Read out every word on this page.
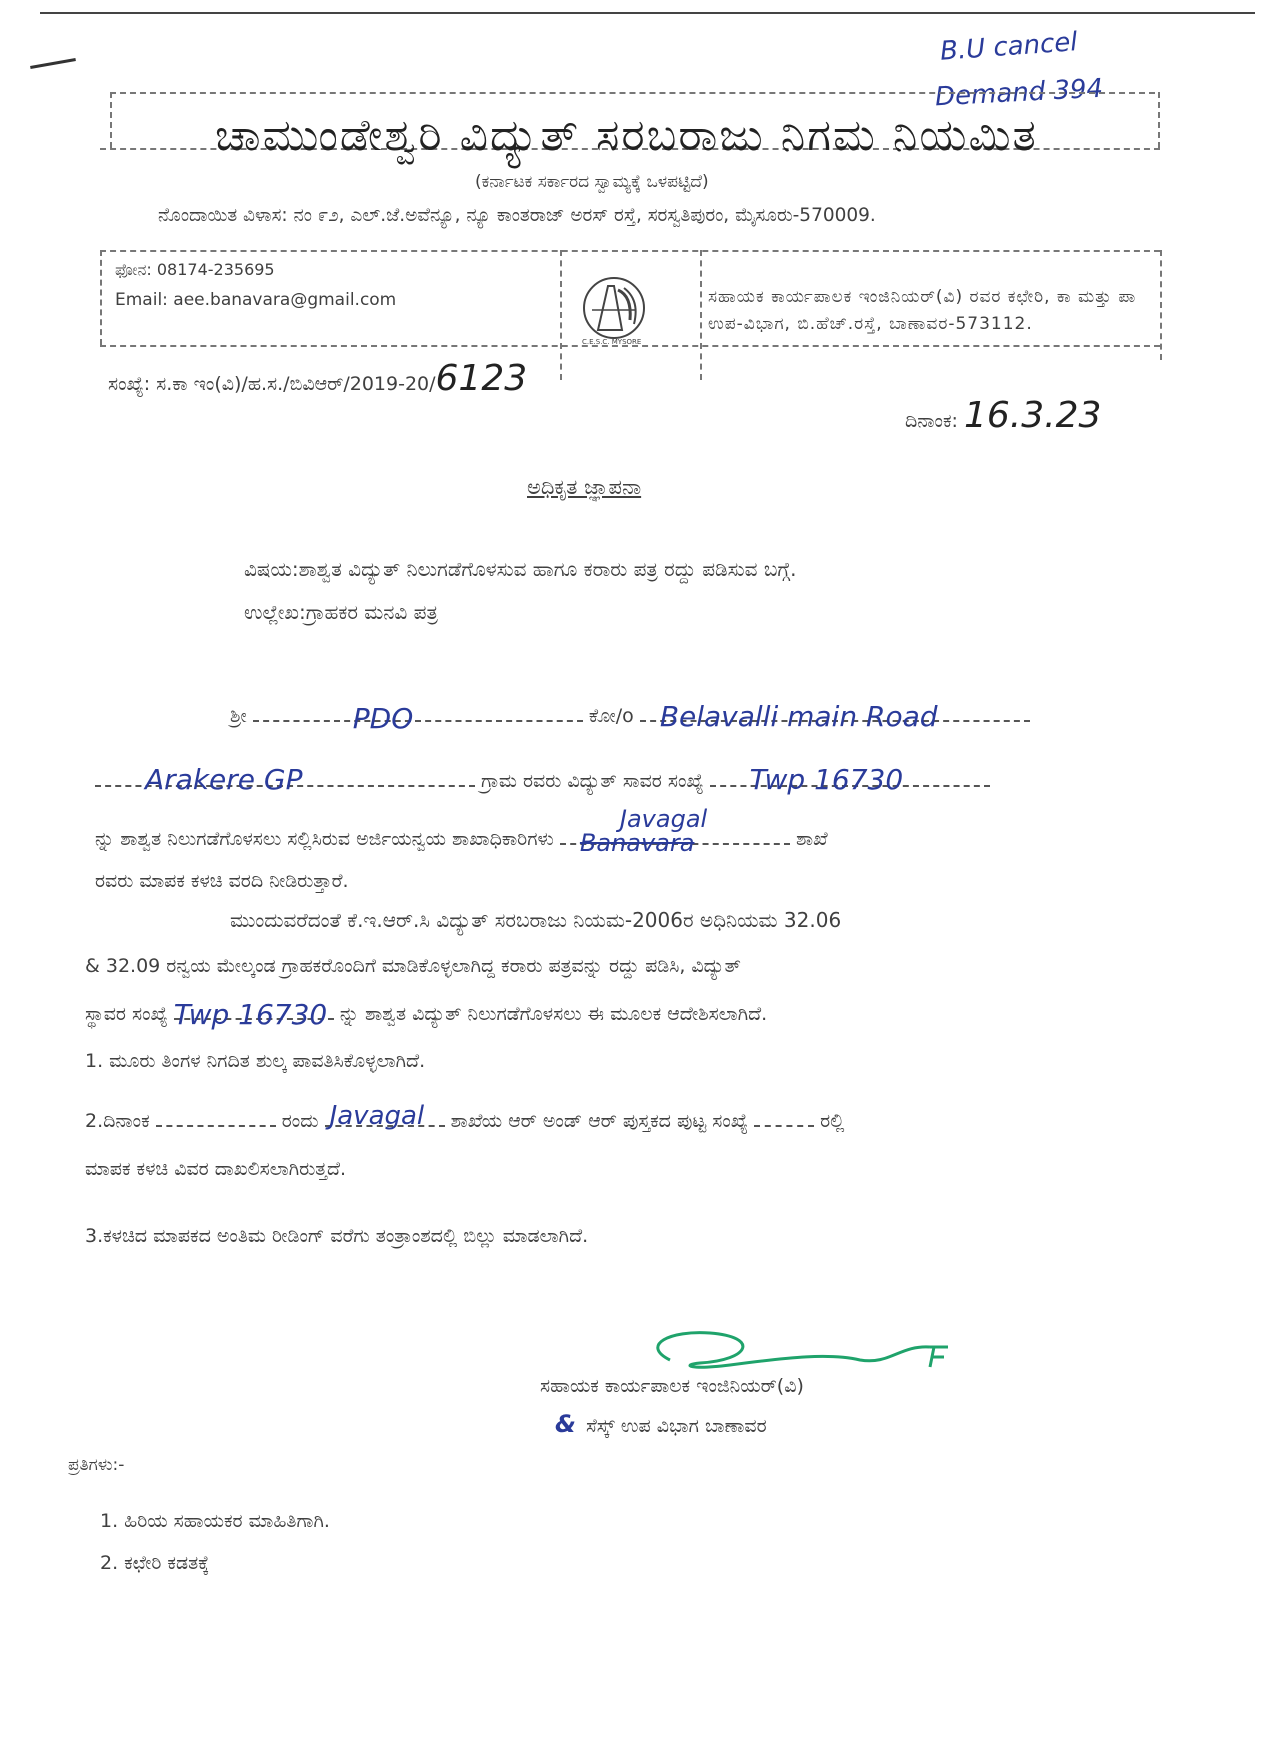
B.U cancel
Demand 394
ಚಾಮುಂಡೇಶ್ವರಿ ವಿದ್ಯುತ್ ಸರಬರಾಜು ನಿಗಮ ನಿಯಮಿತ
(ಕರ್ನಾಟಕ ಸರ್ಕಾರದ ಸ್ವಾಮ್ಯಕ್ಕೆ ಒಳಪಟ್ಟಿದೆ)
ನೊಂದಾಯಿತ ವಿಳಾಸ: ನಂ ೯೨, ಎಲ್.ಜೆ.ಅವೆನ್ಯೂ, ನ್ಯೂ ಕಾಂತರಾಜ್ ಅರಸ್ ರಸ್ತೆ, ಸರಸ್ವತಿಪುರಂ, ಮೈಸೂರು-570009.
ಫೋನ: 08174-235695
Email: aee.banavara@gmail.com
C.E.S.C. MYSORE
ಸಹಾಯಕ ಕಾರ್ಯಪಾಲಕ ಇಂಜಿನಿಯರ್(ವಿ) ರವರ ಕಛೇರಿ, ಕಾ ಮತ್ತು ಪಾ ಉಪ-ವಿಭಾಗ, ಬಿ.ಹೆಚ್.ರಸ್ತೆ, ಬಾಣಾವರ-573112.
ಸಂಖ್ಯೆ: ಸ.ಕಾ ಇಂ(ವಿ)/ಹ.ಸ./ಬಿವಿಆರ್/2019-20/6123
ದಿನಾಂಕ: 16.3.23
ಅಧಿಕೃತ ಜ್ಞಾಪನಾ
ವಿಷಯ:ಶಾಶ್ವತ ವಿದ್ಯುತ್ ನಿಲುಗಡೆಗೊಳಸುವ ಹಾಗೂ ಕರಾರು ಪತ್ರ ರದ್ದು ಪಡಿಸುವ ಬಗ್ಗೆ.
ಉಲ್ಲೇಖ:ಗ್ರಾಹಕರ ಮನವಿ ಪತ್ರ
ಶ್ರೀ	PDO	ಕೋ/o Belavalli main Road
Arakere GP	ಗ್ರಾಮ ರವರು ವಿದ್ಯುತ್ ಸಾವರ ಸಂಖ್ಯೆ Twp 16730
ನ್ನು ಶಾಶ್ವತ ನಿಲುಗಡೆಗೊಳಸಲು ಸಲ್ಲಿಸಿರುವ ಅರ್ಜಿಯನ್ವಯ ಶಾಖಾಧಿಕಾರಿಗಳು Banavara
Javagal
ಶಾಖೆ
ರವರು ಮಾಪಕ ಕಳಚಿ ವರದಿ ನೀಡಿರುತ್ತಾರೆ.
ಮುಂದುವರೆದಂತೆ ಕೆ.ಇ.ಆರ್.ಸಿ ವಿದ್ಯುತ್ ಸರಬರಾಜು ನಿಯಮ-2006ರ ಅಧಿನಿಯಮ 32.06
& 32.09 ರನ್ವಯ ಮೇಲ್ಕಂಡ ಗ್ರಾಹಕರೊಂದಿಗೆ ಮಾಡಿಕೊಳ್ಳಲಾಗಿದ್ದ ಕರಾರು ಪತ್ರವನ್ನು ರದ್ದು ಪಡಿಸಿ, ವಿದ್ಯುತ್
ಸ್ಥಾವರ ಸಂಖ್ಯೆ Twp 16730 ನ್ನು ಶಾಶ್ವತ ವಿದ್ಯುತ್ ನಿಲುಗಡೆಗೊಳಸಲು ಈ ಮೂಲಕ ಆದೇಶಿಸಲಾಗಿದೆ.
1. ಮೂರು ತಿಂಗಳ ನಿಗದಿತ ಶುಲ್ಕ ಪಾವತಿಸಿಕೊಳ್ಳಲಾಗಿದೆ.
2.ದಿನಾಂಕ	ರಂದು Javagal ಶಾಖೆಯ ಆರ್ ಅಂಡ್ ಆರ್ ಪುಸ್ತಕದ ಪುಟ್ಟ ಸಂಖ್ಯೆ	ರಲ್ಲಿ
ಮಾಪಕ ಕಳಚಿ ವಿವರ ದಾಖಲಿಸಲಾಗಿರುತ್ತದೆ.
3.ಕಳಚಿದ ಮಾಪಕದ ಅಂತಿಮ ರೀಡಿಂಗ್ ವರೆಗು ತಂತ್ರಾಂಶದಲ್ಲಿ ಬಿಲ್ಲು ಮಾಡಲಾಗಿದೆ.
ಸಹಾಯಕ ಕಾರ್ಯಪಾಲಕ ಇಂಜಿನಿಯರ್(ವಿ)
& ಸೆಸ್ಕ್ ಉಪ ವಿಭಾಗ ಬಾಣಾವರ
ಪ್ರತಿಗಳು:-
1. ಹಿರಿಯ ಸಹಾಯಕರ ಮಾಹಿತಿಗಾಗಿ.
2. ಕಛೇರಿ ಕಡತಕ್ಕೆ
